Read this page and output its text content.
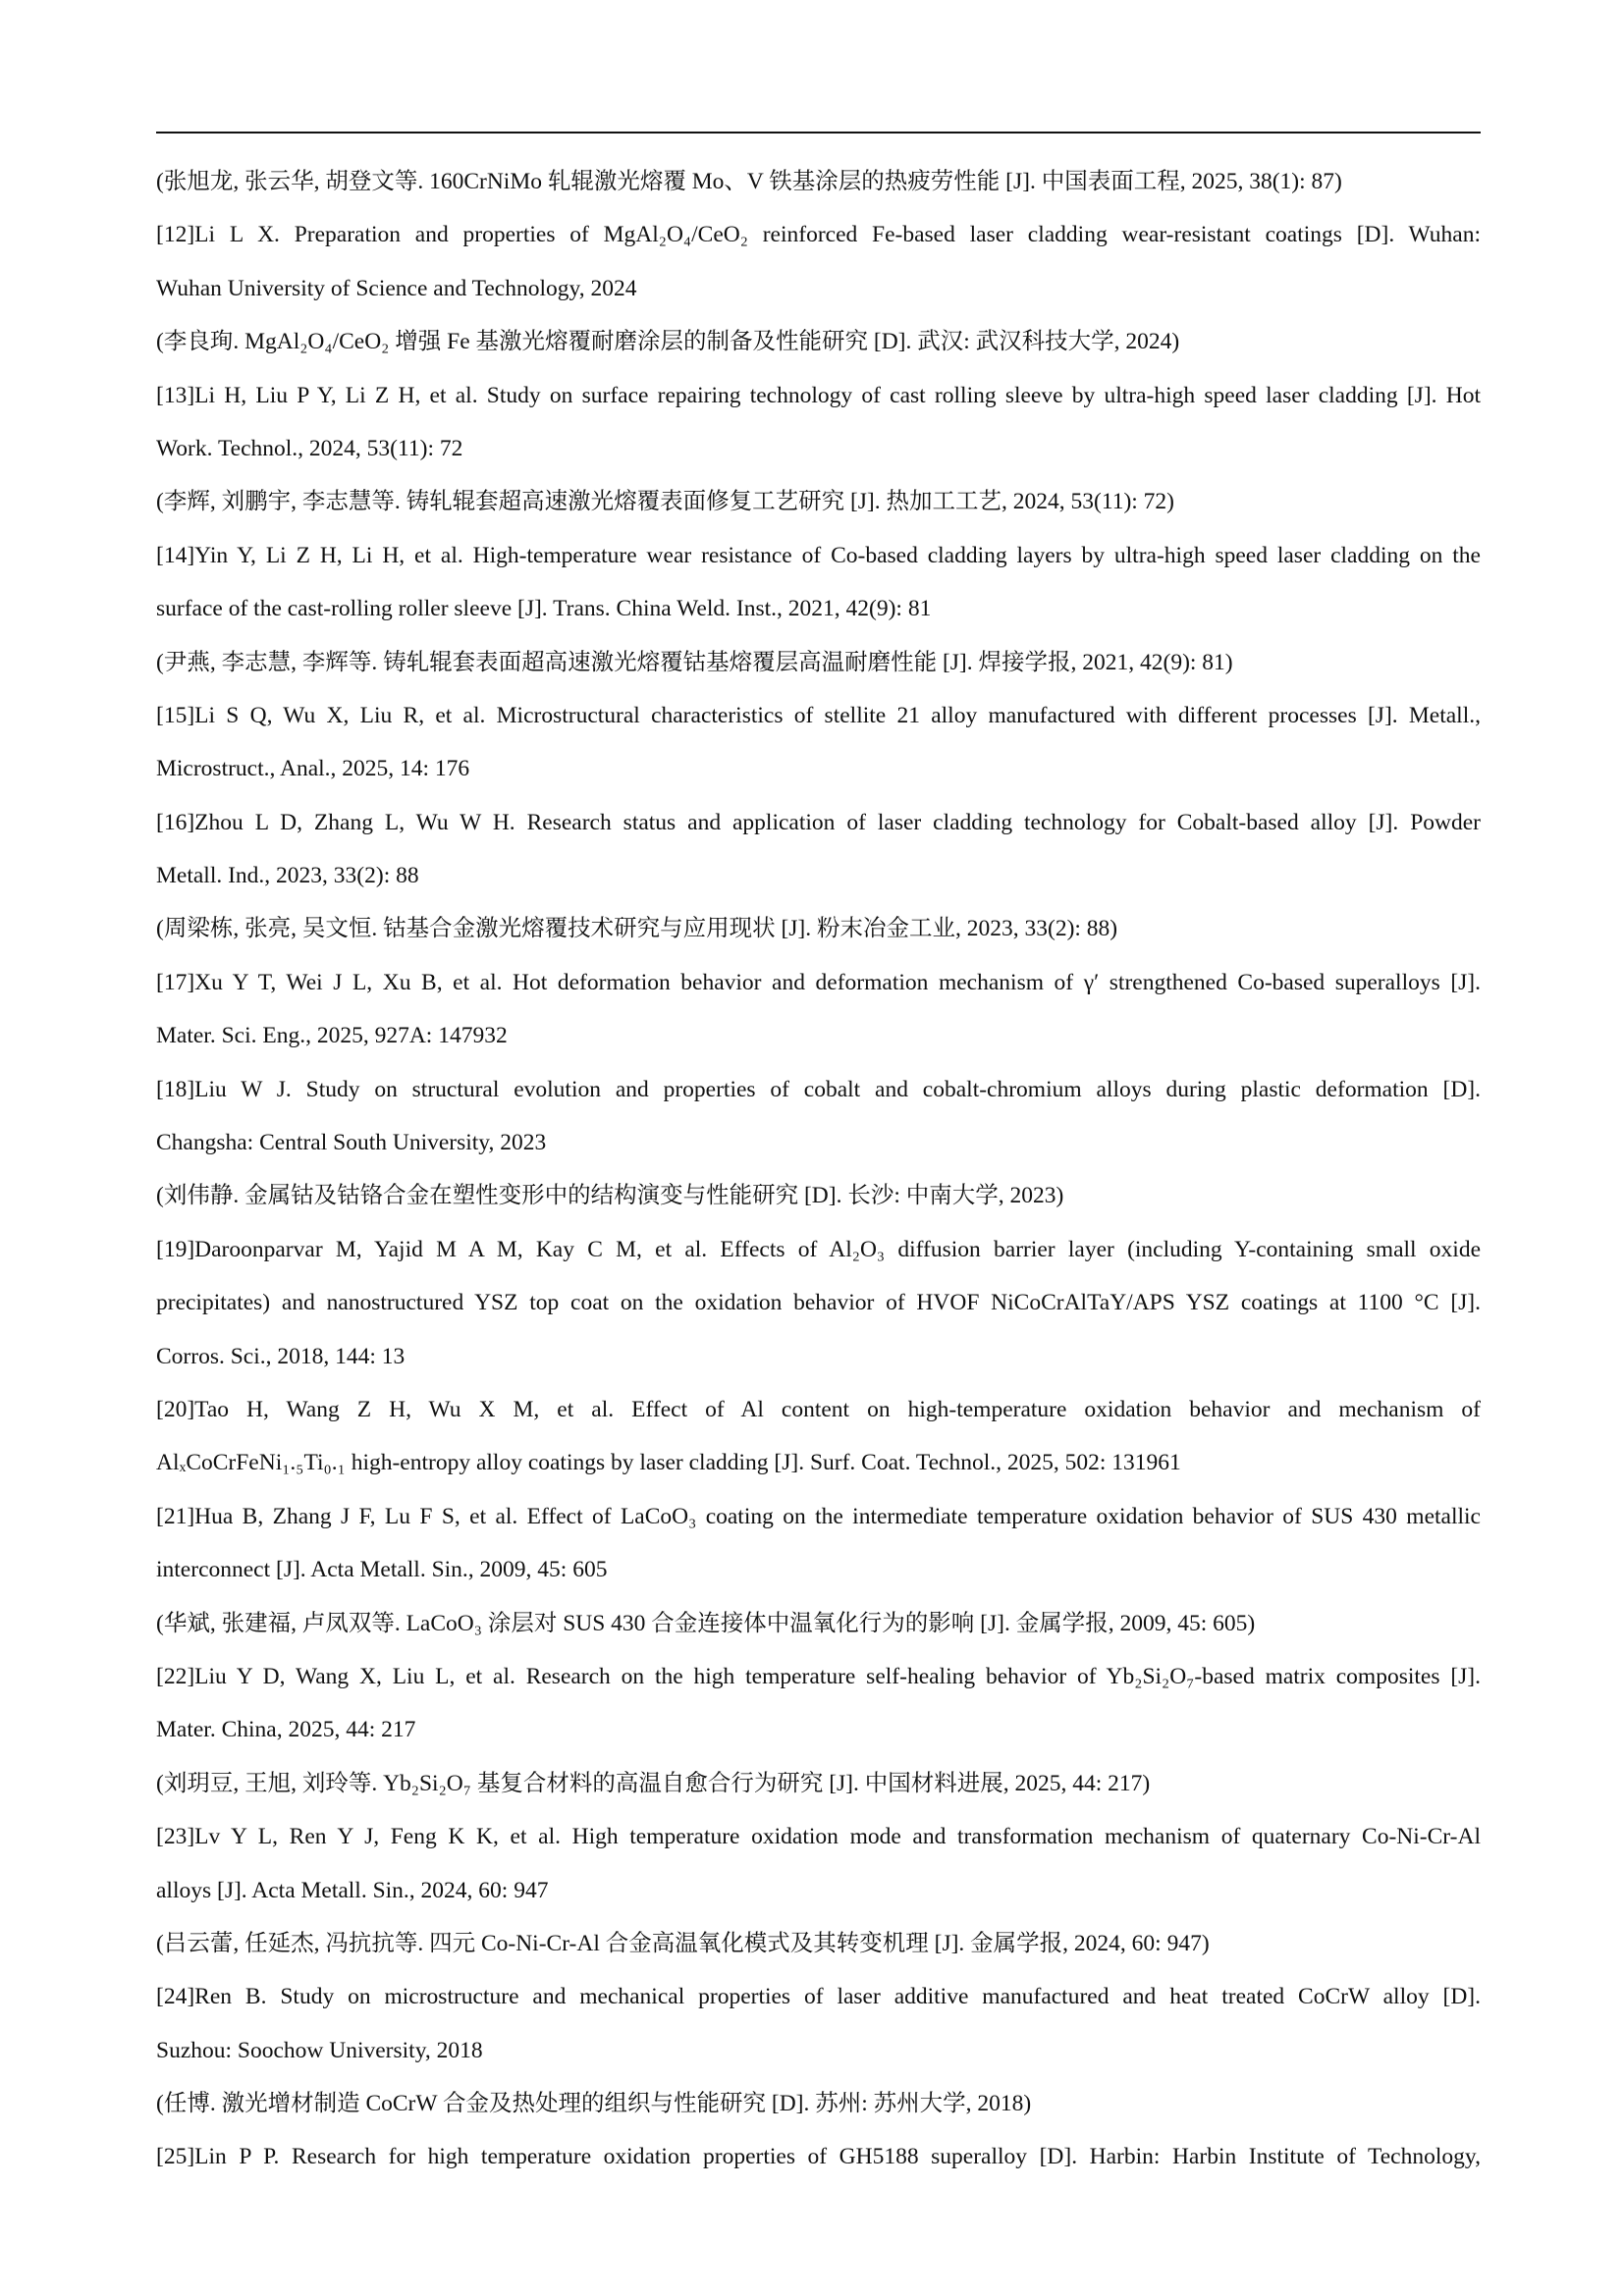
(张旭龙, 张云华, 胡登文等. 160CrNiMo 轧辊激光熔覆 Mo、V 铁基涂层的热疲劳性能 [J]. 中国表面工程, 2025, 38(1): 87)
[12]Li L X. Preparation and properties of MgAl₂O₄/CeO₂ reinforced Fe-based laser cladding wear-resistant coatings [D]. Wuhan:
Wuhan University of Science and Technology, 2024
(李良珣. MgAl₂O₄/CeO₂ 增强 Fe 基激光熔覆耐磨涂层的制备及性能研究 [D]. 武汉: 武汉科技大学, 2024)
[13]Li H, Liu P Y, Li Z H, et al. Study on surface repairing technology of cast rolling sleeve by ultra-high speed laser cladding [J]. Hot
Work. Technol., 2024, 53(11): 72
(李辉, 刘鹏宇, 李志慧等. 铸轧辊套超高速激光熔覆表面修复工艺研究 [J]. 热加工工艺, 2024, 53(11): 72)
[14]Yin Y, Li Z H, Li H, et al. High-temperature wear resistance of Co-based cladding layers by ultra-high speed laser cladding on the
surface of the cast-rolling roller sleeve [J]. Trans. China Weld. Inst., 2021, 42(9): 81
(尹燕, 李志慧, 李辉等. 铸轧辊套表面超高速激光熔覆钴基熔覆层高温耐磨性能 [J]. 焊接学报, 2021, 42(9): 81)
[15]Li S Q, Wu X, Liu R, et al. Microstructural characteristics of stellite 21 alloy manufactured with different processes [J]. Metall.,
Microstruct., Anal., 2025, 14: 176
[16]Zhou L D, Zhang L, Wu W H. Research status and application of laser cladding technology for Cobalt-based alloy [J]. Powder
Metall. Ind., 2023, 33(2): 88
(周梁栋, 张亮, 吴文恒. 钴基合金激光熔覆技术研究与应用现状 [J]. 粉末冶金工业, 2023, 33(2): 88)
[17]Xu Y T, Wei J L, Xu B, et al. Hot deformation behavior and deformation mechanism of γ′ strengthened Co-based superalloys [J].
Mater. Sci. Eng., 2025, 927A: 147932
[18]Liu W J. Study on structural evolution and properties of cobalt and cobalt-chromium alloys during plastic deformation [D].
Changsha: Central South University, 2023
(刘伟静. 金属钴及钴铬合金在塑性变形中的结构演变与性能研究 [D]. 长沙: 中南大学, 2023)
[19]Daroonparvar M, Yajid M A M, Kay C M, et al. Effects of Al₂O₃ diffusion barrier layer (including Y-containing small oxide
precipitates) and nanostructured YSZ top coat on the oxidation behavior of HVOF NiCoCrAlTaY/APS YSZ coatings at 1100 °C [J].
Corros. Sci., 2018, 144: 13
[20]Tao H, Wang Z H, Wu X M, et al. Effect of Al content on high-temperature oxidation behavior and mechanism of
AlₓCoCrFeNi₁.₅Ti₀.₁ high-entropy alloy coatings by laser cladding [J]. Surf. Coat. Technol., 2025, 502: 131961
[21]Hua B, Zhang J F, Lu F S, et al. Effect of LaCoO₃ coating on the intermediate temperature oxidation behavior of SUS 430 metallic
interconnect [J]. Acta Metall. Sin., 2009, 45: 605
(华斌, 张建福, 卢凤双等. LaCoO₃ 涂层对 SUS 430 合金连接体中温氧化行为的影响 [J]. 金属学报, 2009, 45: 605)
[22]Liu Y D, Wang X, Liu L, et al. Research on the high temperature self-healing behavior of Yb₂Si₂O₇-based matrix composites [J].
Mater. China, 2025, 44: 217
(刘玥豆, 王旭, 刘玲等. Yb₂Si₂O₇ 基复合材料的高温自愈合行为研究 [J]. 中国材料进展, 2025, 44: 217)
[23]Lv Y L, Ren Y J, Feng K K, et al. High temperature oxidation mode and transformation mechanism of quaternary Co-Ni-Cr-Al
alloys [J]. Acta Metall. Sin., 2024, 60: 947
(吕云蕾, 任延杰, 冯抗抗等. 四元 Co-Ni-Cr-Al 合金高温氧化模式及其转变机理 [J]. 金属学报, 2024, 60: 947)
[24]Ren B. Study on microstructure and mechanical properties of laser additive manufactured and heat treated CoCrW alloy [D].
Suzhou: Soochow University, 2018
(任博. 激光增材制造 CoCrW 合金及热处理的组织与性能研究 [D]. 苏州: 苏州大学, 2018)
[25]Lin P P. Research for high temperature oxidation properties of GH5188 superalloy [D]. Harbin: Harbin Institute of Technology,
